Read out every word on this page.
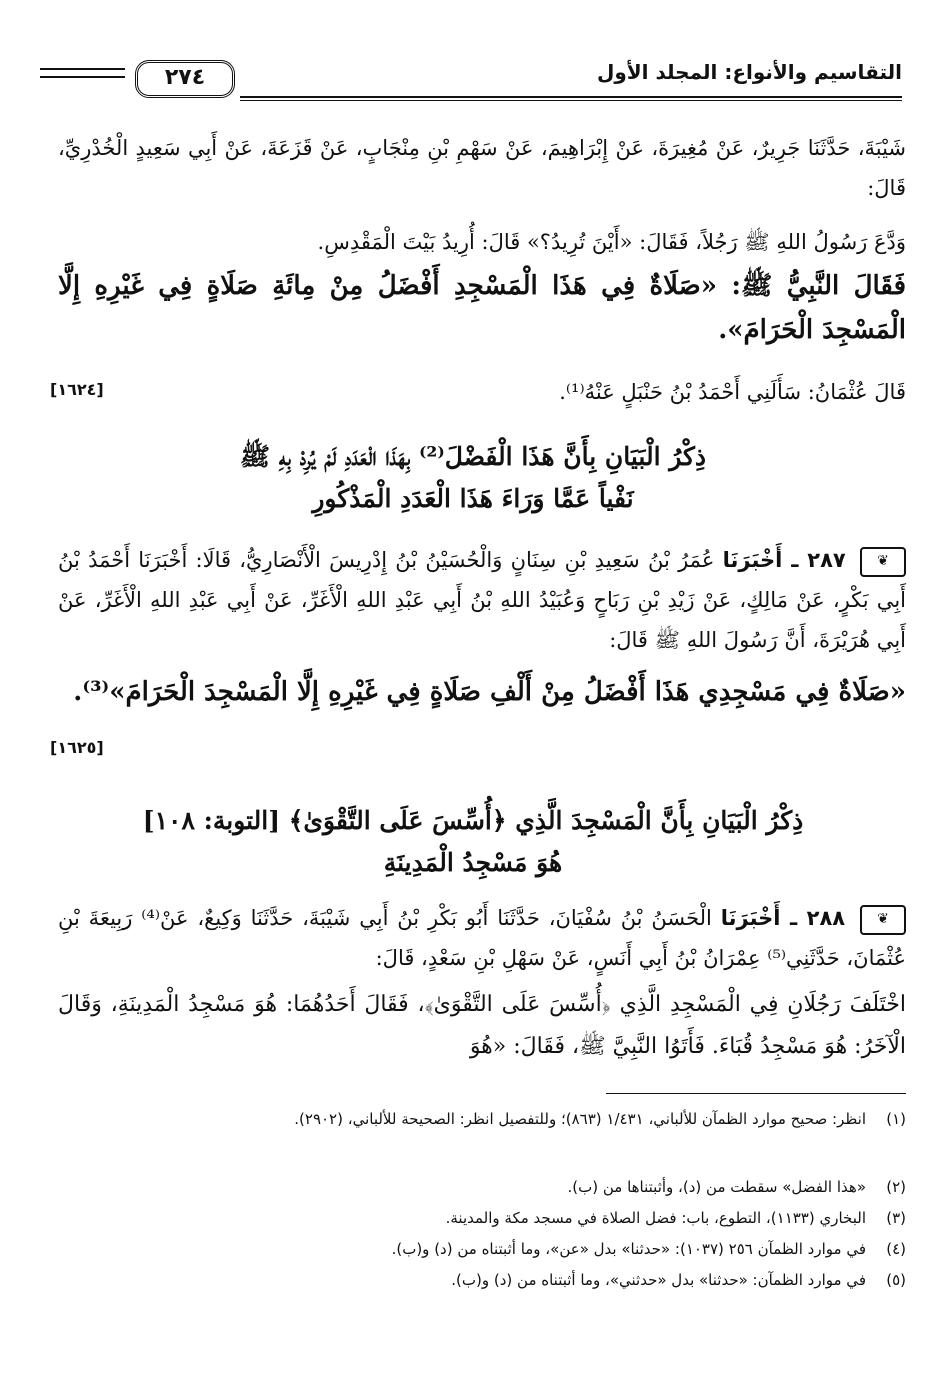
التقاسيم والأنواع: المجلد الأول
٢٧٤
شَيْبَةَ، حَدَّثَنَا جَرِيرٌ، عَنْ مُغِيرَةَ، عَنْ إِبْرَاهِيمَ، عَنْ سَهْمِ بْنِ مِنْجَابٍ، عَنْ قَزَعَةَ، عَنْ أَبِي سَعِيدٍ الْخُدْرِيِّ، قَالَ:
وَدَّعَ رَسُولُ اللهِ ﷺ رَجُلاً، فَقَالَ: «أَيْنَ تُرِيدُ؟» قَالَ: أُرِيدُ بَيْتَ الْمَقْدِسِ.
فَقَالَ النَّبِيُّ ﷺ: «صَلَاةٌ فِي هَذَا الْمَسْجِدِ أَفْضَلُ مِنْ مِائَةِ صَلَاةٍ فِي غَيْرِهِ إِلَّا الْمَسْجِدَ الْحَرَامَ».
قَالَ عُثْمَانُ: سَأَلَنِي أَحْمَدُ بْنُ حَنْبَلٍ عَنْهُ⁽¹⁾.
[١٦٢٤]
ذِكْرُ الْبَيَانِ بِأَنَّ هَذَا الْفَضْلَ⁽²⁾ بِهَذَا الْعَدَدِ لَمْ يُرِدْ بِهِ ﷺ
نَفْياً عَمَّا وَرَاءَ هَذَا الْعَدَدِ الْمَذْكُورِ
❦ ٢٨٧ ـ أَخْبَرَنَا عُمَرُ بْنُ سَعِيدِ بْنِ سِنَانٍ وَالْحُسَيْنُ بْنُ إِدْرِيسَ الْأَنْصَارِيُّ، قَالَا: أَخْبَرَنَا أَحْمَدُ بْنُ أَبِي بَكْرٍ، عَنْ مَالِكٍ، عَنْ زَيْدِ بْنِ رَبَاحٍ وَعُبَيْدُ اللهِ بْنُ أَبِي عَبْدِ اللهِ الْأَغَرِّ، عَنْ أَبِي عَبْدِ اللهِ الْأَغَرِّ، عَنْ أَبِي هُرَيْرَةَ، أَنَّ رَسُولَ اللهِ ﷺ قَالَ:
«صَلَاةٌ فِي مَسْجِدِي هَذَا أَفْضَلُ مِنْ أَلْفِ صَلَاةٍ فِي غَيْرِهِ إِلَّا الْمَسْجِدَ الْحَرَامَ»⁽³⁾.
[١٦٢٥]
ذِكْرُ الْبَيَانِ بِأَنَّ الْمَسْجِدَ الَّذِي ﴿أُسِّسَ عَلَى التَّقْوَىٰ﴾ [التوبة: ١٠٨]
هُوَ مَسْجِدُ الْمَدِينَةِ
❦ ٢٨٨ ـ أَخْبَرَنَا الْحَسَنُ بْنُ سُفْيَانَ، حَدَّثَنَا أَبُو بَكْرِ بْنُ أَبِي شَيْبَةَ، حَدَّثَنَا وَكِيعٌ، عَنْ⁽⁴⁾ رَبِيعَةَ بْنِ عُثْمَانَ، حَدَّثَنِي⁽⁵⁾ عِمْرَانُ بْنُ أَبِي أَنَسٍ، عَنْ سَهْلِ بْنِ سَعْدٍ، قَالَ:
اخْتَلَفَ رَجُلَانِ فِي الْمَسْجِدِ الَّذِي ﴿أُسِّسَ عَلَى التَّقْوَىٰ﴾، فَقَالَ أَحَدُهُمَا: هُوَ مَسْجِدُ الْمَدِينَةِ، وَقَالَ الْآخَرُ: هُوَ مَسْجِدُ قُبَاءَ. فَأَتَوُا النَّبِيَّ ﷺ، فَقَالَ: «هُوَ
(١)انظر: صحيح موارد الظمآن للألباني، ١/٤٣١ (٨٦٣)؛ وللتفصيل انظر: الصحيحة للألباني، (٢٩٠٢).
(٢)«هذا الفضل» سقطت من (د)، وأثبتناها من (ب).
(٣)البخاري (١١٣٣)، التطوع، باب: فضل الصلاة في مسجد مكة والمدينة.
(٤)في موارد الظمآن ٢٥٦ (١٠٣٧): «حدثنا» بدل «عن»، وما أثبتناه من (د) و(ب).
(٥)في موارد الظمآن: «حدثنا» بدل «حدثني»، وما أثبتناه من (د) و(ب).
